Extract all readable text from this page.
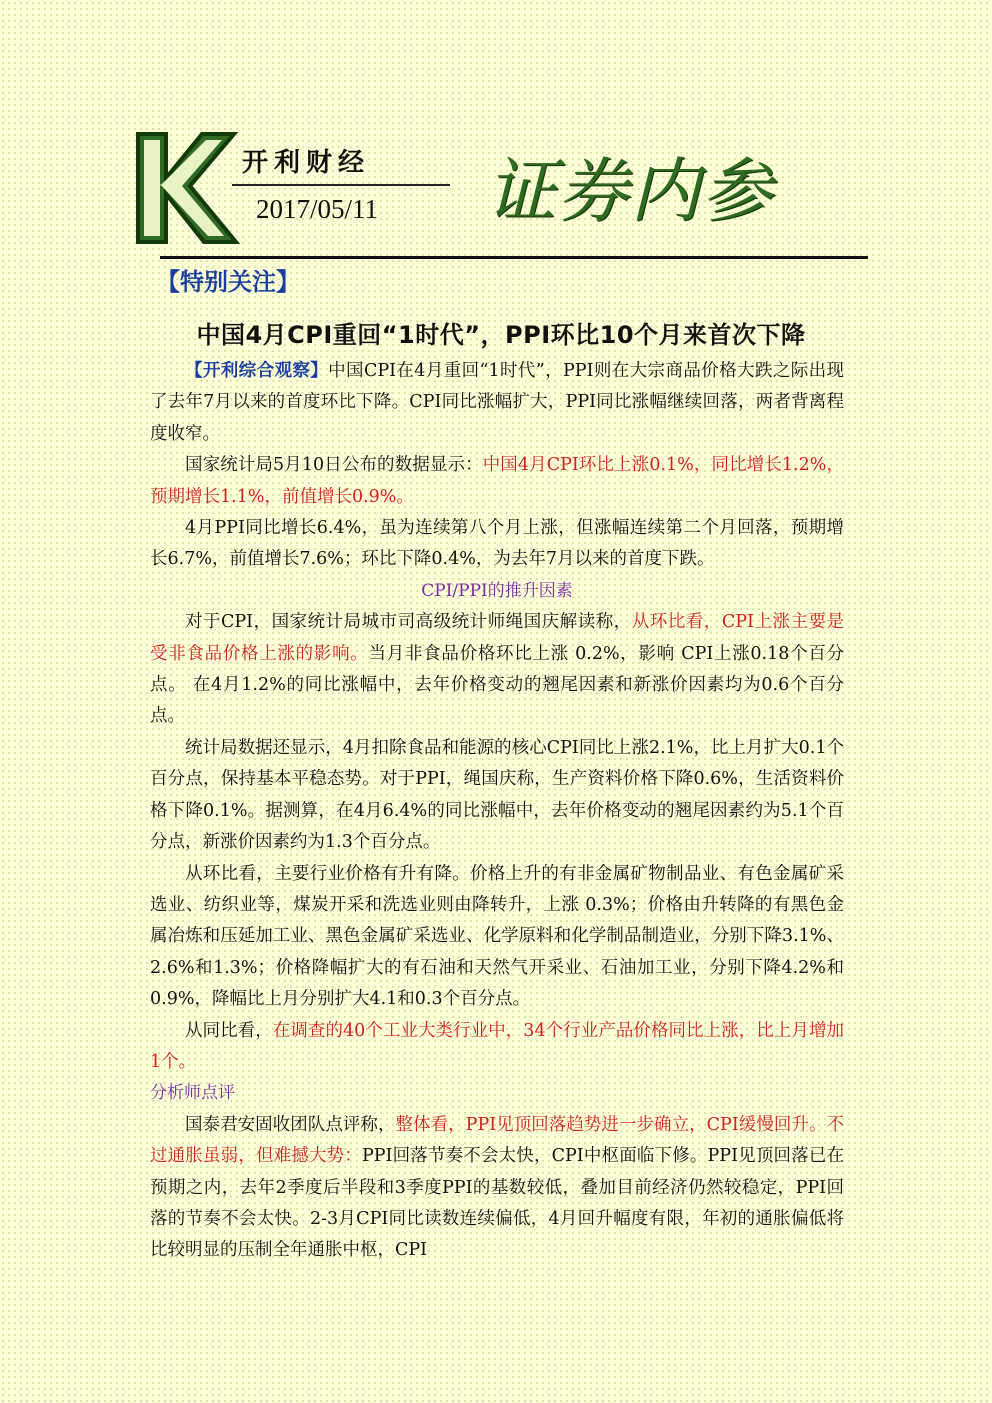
开利财经
2017/05/11 证券内参
【特别关注】
中国4月CPI重回“1时代”，PPI环比10个月来首次下降

【开利综合观察】中国CPI在4月重回“1时代”，PPI则在大宗商品价格大跌之际出现了去年7月以来的首度环比下降。CPI同比涨幅扩大，PPI同比涨幅继续回落，两者背离程度收窄。

国家统计局5月10日公布的数据显示：中国4月CPI环比上涨0.1%，同比增长1.2%，预期增长1.1%，前值增长0.9%。

4月PPI同比增长6.4%，虽为连续第八个月上涨，但涨幅连续第二个月回落，预期增长6.7%，前值增长7.6%；环比下降0.4%，为去年7月以来的首度下跌。

CPI/PPI的推升因素

对于CPI，国家统计局城市司高级统计师绳国庆解读称，从环比看，CPI上涨主要是受非食品价格上涨的影响。当月非食品价格环比上涨 0.2%，影响 CPI上涨0.18个百分点。 在4月1.2%的同比涨幅中，去年价格变动的翘尾因素和新涨价因素均为0.6个百分点。

统计局数据还显示，4月扣除食品和能源的核心CPI同比上涨2.1%，比上月扩大0.1个百分点，保持基本平稳态势。对于PPI，绳国庆称，生产资料价格下降0.6%，生活资料价格下降0.1%。据测算，在4月6.4%的同比涨幅中，去年价格变动的翘尾因素约为5.1个百分点，新涨价因素约为1.3个百分点。

从环比看，主要行业价格有升有降。价格上升的有非金属矿物制品业、有色金属矿采选业、纺织业等，煤炭开采和洗选业则由降转升，上涨 0.3%；价格由升转降的有黑色金属冶炼和压延加工业、黑色金属矿采选业、化学原料和化学制品制造业，分别下降3.1%、2.6%和1.3%；价格降幅扩大的有石油和天然气开采业、石油加工业，分别下降4.2%和0.9%，降幅比上月分别扩大4.1和0.3个百分点。

从同比看，在调查的40个工业大类行业中，34个行业产品价格同比上涨，比上月增加1个。

分析师点评

国泰君安固收团队点评称，整体看，PPI见顶回落趋势进一步确立，CPI缓慢回升。不过通胀虽弱，但难撼大势：PPI回落节奏不会太快，CPI中枢面临下修。PPI见顶回落已在预期之内，去年2季度后半段和3季度PPI的基数较低，叠加目前经济仍然较稳定，PPI回落的节奏不会太快。2-3月CPI同比读数连续偏低，4月回升幅度有限，年初的通胀偏低将比较明显的压制全年通胀中枢，CPI
